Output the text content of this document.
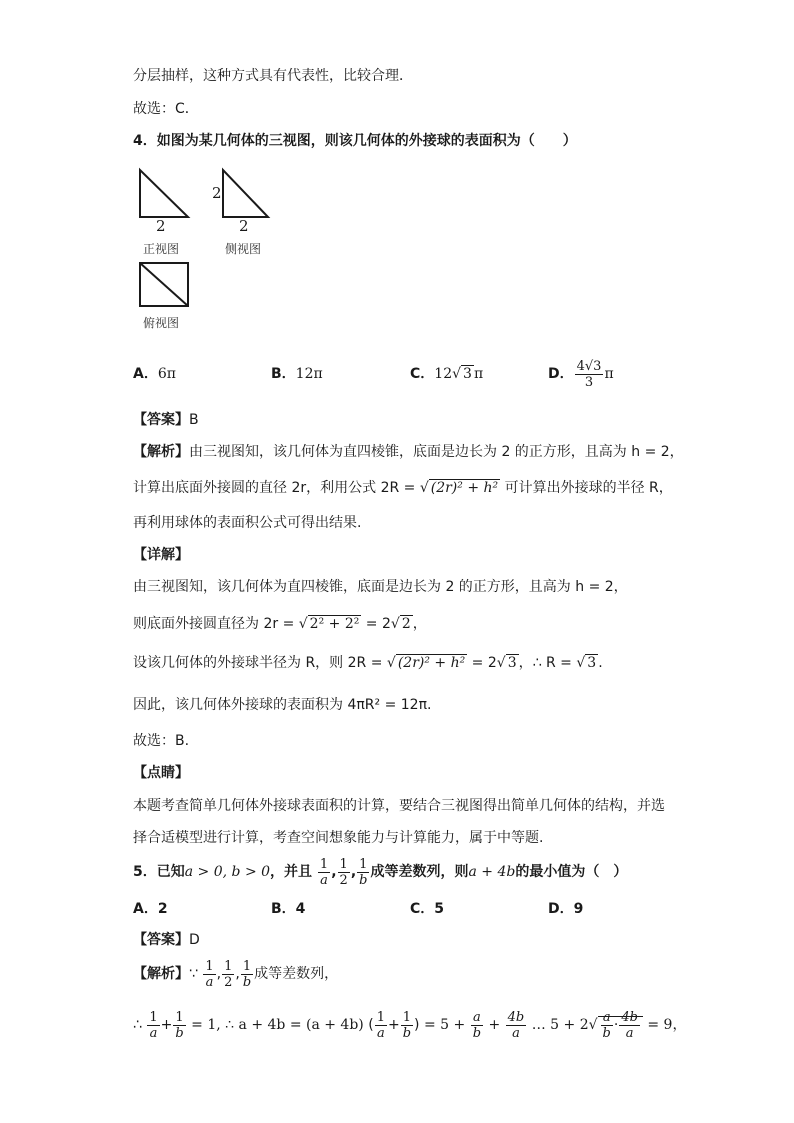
分层抽样，这种方式具有代表性，比较合理．
故选：C．
4．如图为某几何体的三视图，则该几何体的外接球的表面积为（　　）
2	2
2
正视图	侧视图
俯视图
A．6π	B．12π	C．12√ 3 π	D． $\frac{4√3}{3}$ π
【答案】B
【解析】由三视图知，该几何体为直四棱锥，底面是边长为 2 的正方形，且高为 h = 2，
计算出底面外接圆的直径 2r，利用公式 2R = √ (2r)² + h² 可计算出外接球的半径 R，
再利用球体的表面积公式可得出结果.
【详解】
由三视图知，该几何体为直四棱锥，底面是边长为 2 的正方形，且高为 h = 2，
则底面外接圆直径为 2r = √ 2² + 2² = 2√ 2 ，
设该几何体的外接球半径为 R，则 2R = √ (2r)² + h² = 2√ 3 ，∴ R = √ 3 .
因此，该几何体外接球的表面积为 4πR² = 12π.
故选：B.
【点睛】
本题考查简单几何体外接球表面积的计算，要结合三视图得出简单几何体的结构，并选
择合适模型进行计算，考查空间想象能力与计算能力，属于中等题.
5．已知a > 0, b > 0，并且 $\frac{1}{a}$ , $\frac{1}{2}$ , $\frac{1}{b}$ 成等差数列，则a + 4b的最小值为（　）
A．2	B．4	C．5	D．9
【答案】D
【解析】∵ $\frac{1}{a}$ , $\frac{1}{2}$ , $\frac{1}{b}$ 成等差数列，
∴ $\frac{1}{a} + \frac{1}{b} = 1$, ∴ a + 4b = (a + 4b) ( $\frac{1}{a} + \frac{1}{b}$ ) = $5 + \frac{a}{b} + \frac{4b}{a}$ … $5 + 2√ \frac{a}{b} \cdot \frac{4b}{a} = 9$，
